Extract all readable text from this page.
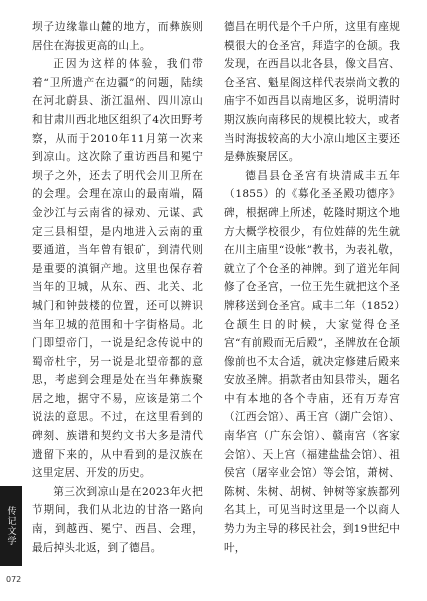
坝子边缘靠山麓的地方，而彝族则居住在海拔更高的山上。

正因为这样的体验，我们带着“卫所遗产在边疆”的问题，陆续在河北蔚县、浙江温州、四川凉山和甘肃川西北地区组织了4次田野考察，从而于2010年11月第一次来到凉山。这次除了重访西昌和冕宁坝子之外，还去了明代会川卫所在的会理。会理在凉山的最南端，隔金沙江与云南省的禄劝、元谋、武定三县相望，是内地进入云南的重要通道，当年曾有银矿，到清代则是重要的滇铜产地。这里也保存着当年的卫城，从东、西、北关、北城门和钟鼓楼的位置，还可以辨识当年卫城的范围和十字街格局。北门即望帝门，一说是纪念传说中的蜀帝杜宇，另一说是北望帝都的意思，考虑到会理是处在当年彝族聚居之地，据守不易，应该是第二个说法的意思。不过，在这里看到的碑刻、族谱和契约文书大多是清代遗留下来的，从中看到的是汉族在这里定居、开发的历史。

第三次到凉山是在2023年火把节期间，我们从北边的甘洛一路向南，到越西、冕宁、西昌、会理，最后掉头北返，到了德昌。

德昌在明代是个千户所，这里有座规模很大的仓圣宫，拜造字的仓颉。我发现，在西昌以北各县，像文昌宫、仓圣宫、魁星阁这样代表崇尚文教的庙宇不如西昌以南地区多，说明清时期汉族向南移民的规模比较大，或者当时海拔较高的大小凉山地区主要还是彝族聚居区。

德昌县仓圣宫有块清咸丰五年（1855）的《募化圣圣殿功德序》碑，根据碑上所述，乾隆时期这个地方大概学校很少，有位姓薛的先生就在川主庙里“设帐”教书，为表礼敬，就立了个仓圣的神牌。到了道光年间修了仓圣宫，一位王先生就把这个圣牌移送到仓圣宫。咸丰二年（1852）仓颉生日的时候，大家觉得仓圣宫“有前殿而无后殿”，圣牌放在仓颉像前也不太合适，就决定修建后殿来安放圣牌。捐款者由知县带头，题名中有本地的各个寺庙，还有万寿宫（江西会馆）、禹王宫（湖广会馆）、南华宫（广东会馆）、赣南宫（客家会馆）、天上宫（福建盐盐会馆）、祖侯宫（屠宰业会馆）等会馆，萧树、陈树、朱树、胡树、钟树等家族都列名其上，可见当时这里是一个以商人势力为主导的移民社会，到19世纪中叶，

传记文学
072
